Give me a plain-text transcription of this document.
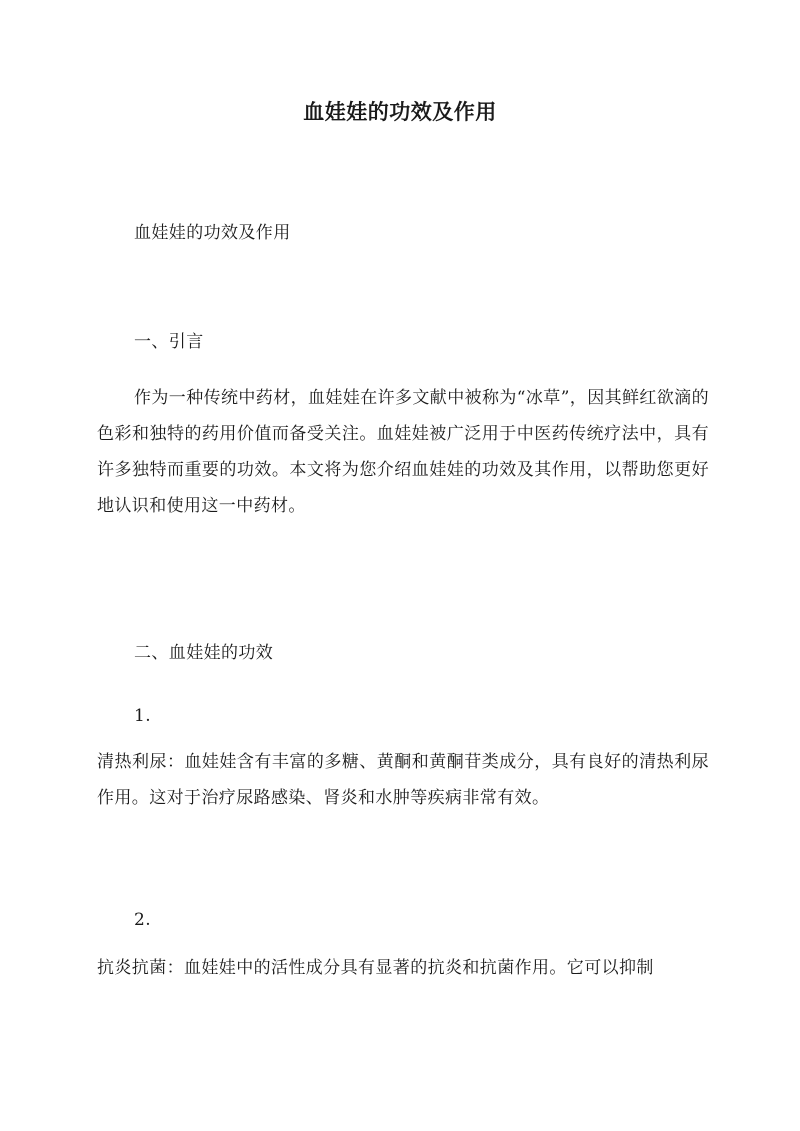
血娃娃的功效及作用
血娃娃的功效及作用
一、引言
作为一种传统中药材，血娃娃在许多文献中被称为“冰草”，因其鲜红欲滴的色彩和独特的药用价值而备受关注。血娃娃被广泛用于中医药传统疗法中，具有许多独特而重要的功效。本文将为您介绍血娃娃的功效及其作用，以帮助您更好地认识和使用这一中药材。
二、血娃娃的功效
1.
清热利尿：血娃娃含有丰富的多糖、黄酮和黄酮苷类成分，具有良好的清热利尿作用。这对于治疗尿路感染、肾炎和水肿等疾病非常有效。
2.
抗炎抗菌：血娃娃中的活性成分具有显著的抗炎和抗菌作用。它可以抑制
